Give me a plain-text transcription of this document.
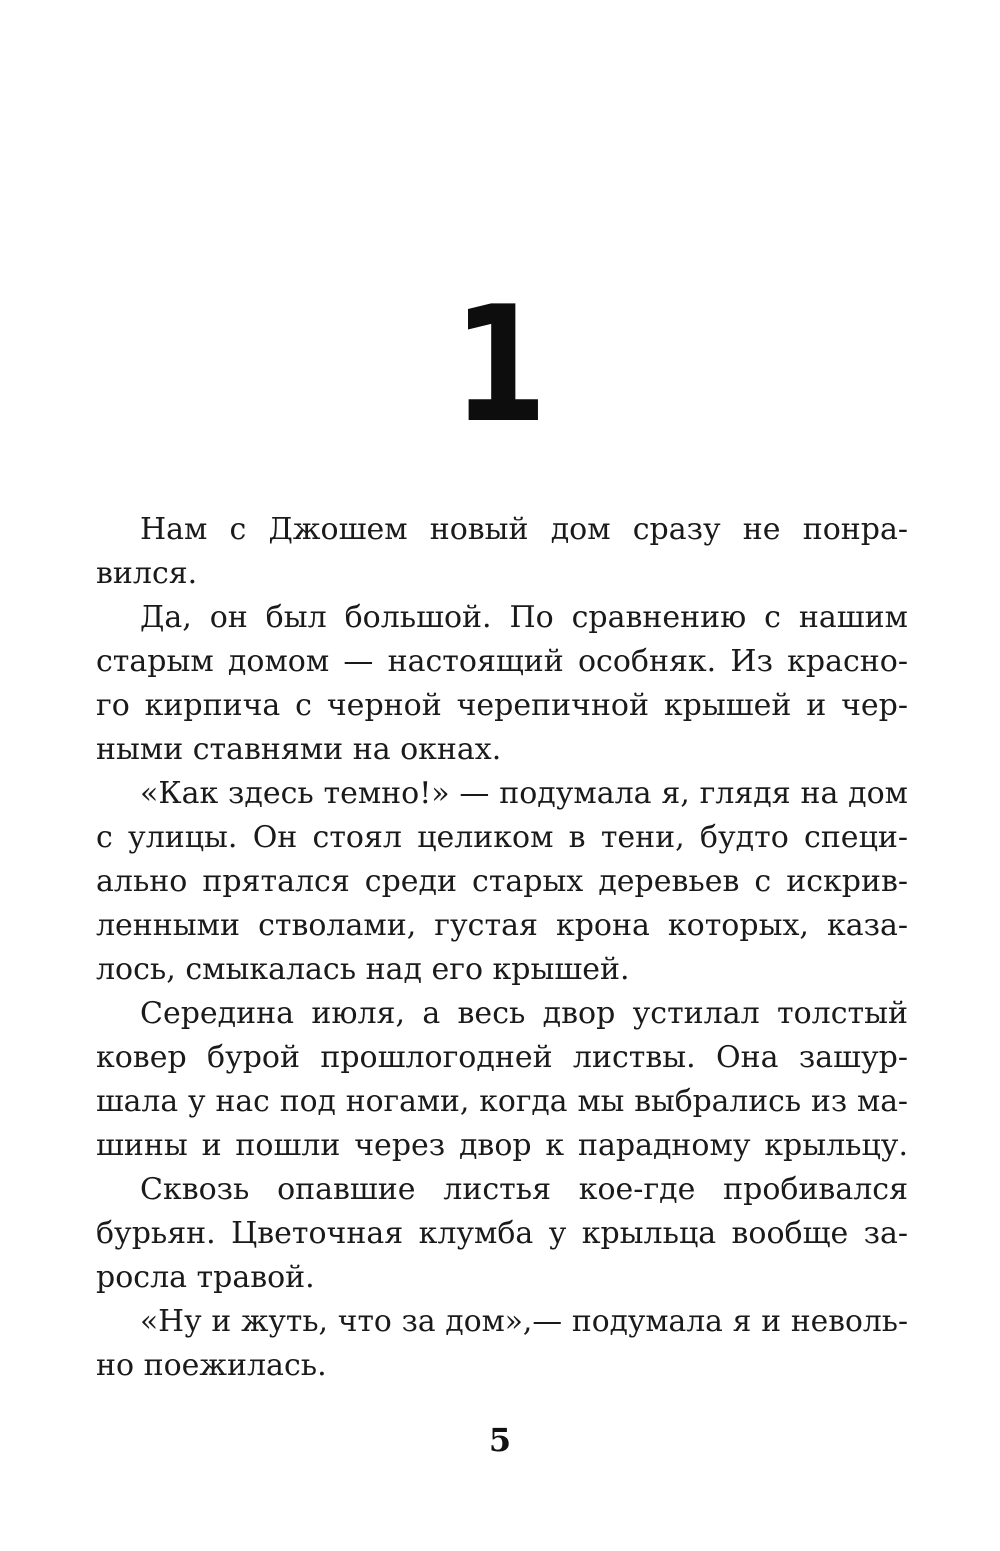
1
Нам с Джошем новый дом сразу не понра-
вился.
Да, он был большой. По сравнению с нашим
старым домом — настоящий особняк. Из красно-
го кирпича с черной черепичной крышей и чер-
ными ставнями на окнах.
«Как здесь темно!» — подумала я, глядя на дом
с улицы. Он стоял целиком в тени, будто специ-
ально прятался среди старых деревьев с искрив-
ленными стволами, густая крона которых, каза-
лось, смыкалась над его крышей.
Середина июля, а весь двор устилал толстый
ковер бурой прошлогодней листвы. Она зашур-
шала у нас под ногами, когда мы выбрались из ма-
шины и пошли через двор к парадному крыльцу.
Сквозь опавшие листья кое-где пробивался
бурьян. Цветочная клумба у крыльца вообще за-
росла травой.
«Ну и жуть, что за дом»,— подумала я и неволь-
но поежилась.
5
